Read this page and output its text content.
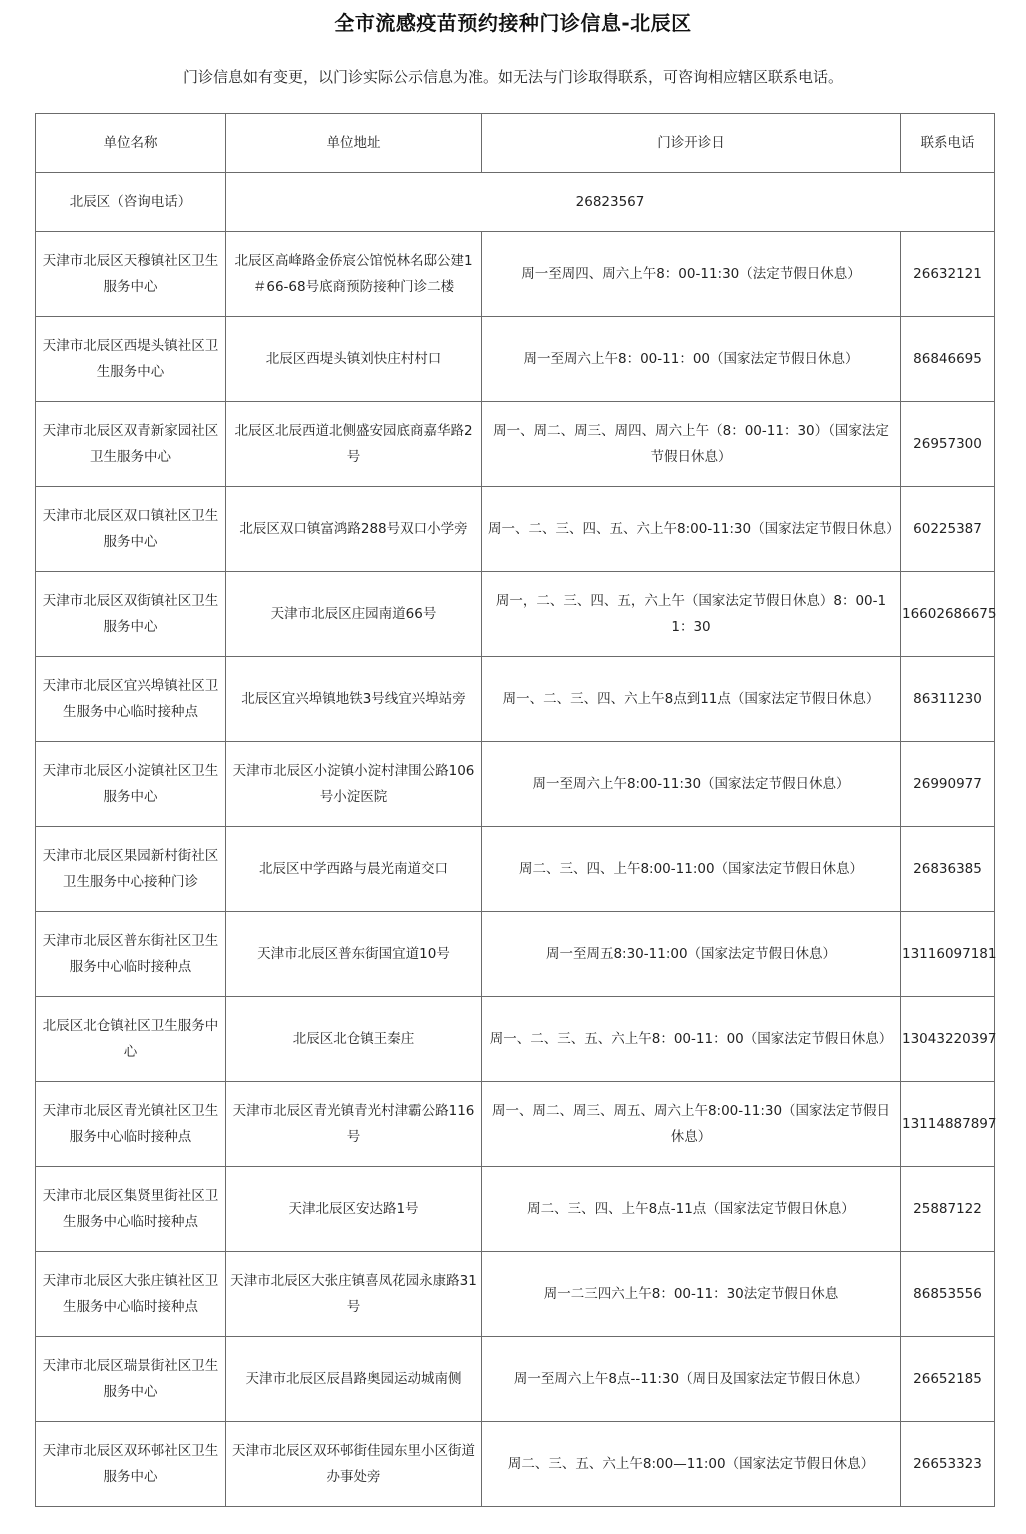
全市流感疫苗预约接种门诊信息-北辰区
门诊信息如有变更，以门诊实际公示信息为准。如无法与门诊取得联系，可咨询相应辖区联系电话。
单位名称	单位地址	门诊开诊日	联系电话
北辰区（咨询电话）	26823567		
天津市北辰区天穆镇社区卫生服务中心	北辰区高峰路金侨宸公馆悦林名邸公建1＃66-68号底商预防接种门诊二楼	周一至周四、周六上午8：00-11:30（法定节假日休息）	26632121
天津市北辰区西堤头镇社区卫生服务中心	北辰区西堤头镇刘快庄村村口	周一至周六上午8：00-11：00（国家法定节假日休息）	86846695
天津市北辰区双青新家园社区卫生服务中心	北辰区北辰西道北侧盛安园底商嘉华路2号	周一、周二、周三、周四、周六上午（8：00-11：30）（国家法定节假日休息）	26957300
天津市北辰区双口镇社区卫生服务中心	北辰区双口镇富鸿路288号双口小学旁	周一、二、三、四、五、六上午8:00-11:30（国家法定节假日休息）	60225387
天津市北辰区双街镇社区卫生服务中心	天津市北辰区庄园南道66号	周一，二、三、四、五，六上午（国家法定节假日休息）8：00-11：30	16602686675
天津市北辰区宜兴埠镇社区卫生服务中心临时接种点	北辰区宜兴埠镇地铁3号线宜兴埠站旁	周一、二、三、四、六上午8点到11点（国家法定节假日休息）	86311230
天津市北辰区小淀镇社区卫生服务中心	天津市北辰区小淀镇小淀村津围公路106号小淀医院	周一至周六上午8:00-11:30（国家法定节假日休息）	26990977
天津市北辰区果园新村街社区卫生服务中心接种门诊	北辰区中学西路与晨光南道交口	周二、三、四、上午8:00-11:00（国家法定节假日休息）	26836385
天津市北辰区普东街社区卫生服务中心临时接种点	天津市北辰区普东街国宜道10号	周一至周五8:30-11:00（国家法定节假日休息）	13116097181
北辰区北仓镇社区卫生服务中心	北辰区北仓镇王秦庄	周一、二、三、五、六上午8：00-11：00（国家法定节假日休息）	13043220397
天津市北辰区青光镇社区卫生服务中心临时接种点	天津市北辰区青光镇青光村津霸公路116号	周一、周二、周三、周五、周六上午8:00-11:30（国家法定节假日休息）	13114887897
天津市北辰区集贤里街社区卫生服务中心临时接种点	天津北辰区安达路1号	周二、三、四、上午8点-11点（国家法定节假日休息）	25887122
天津市北辰区大张庄镇社区卫生服务中心临时接种点	天津市北辰区大张庄镇喜凤花园永康路31号	周一二三四六上午8：00-11：30法定节假日休息	86853556
天津市北辰区瑞景街社区卫生服务中心	天津市北辰区辰昌路奥园运动城南侧	周一至周六上午8点--11:30（周日及国家法定节假日休息）	26652185
天津市北辰区双环邨社区卫生服务中心	天津市北辰区双环邨街佳园东里小区街道办事处旁	周二、三、五、六上午8:00—11:00（国家法定节假日休息）	26653323
